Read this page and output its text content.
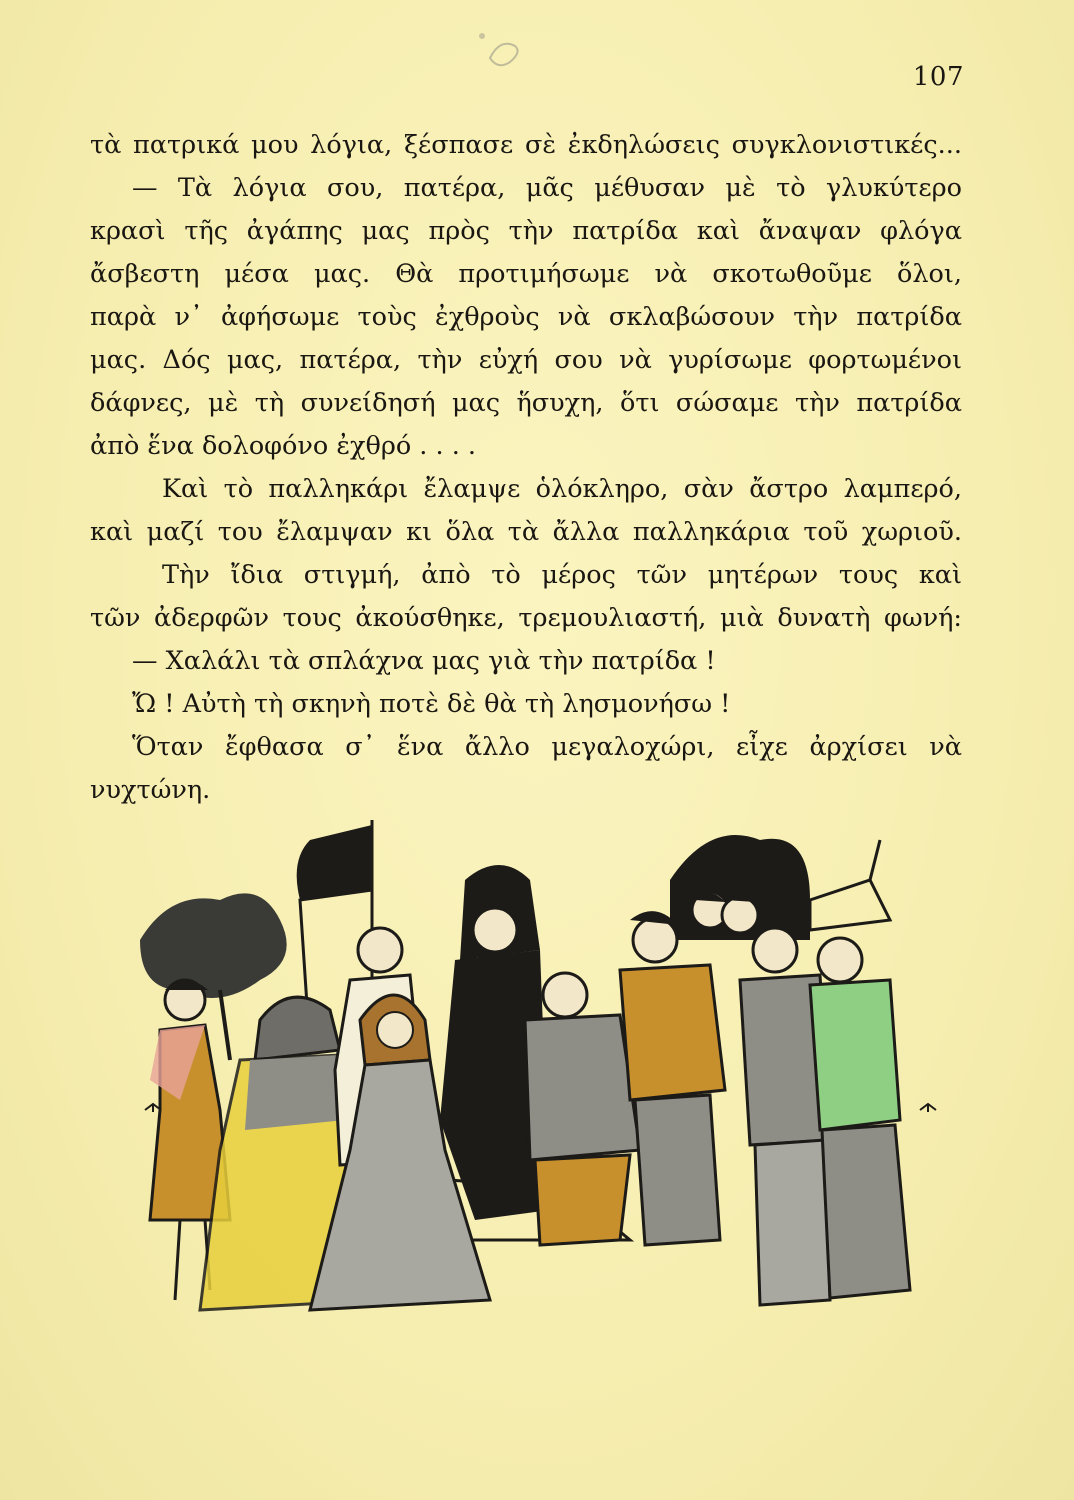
107
τὰ πατρικά μου λόγια, ξέσπασε σὲ ἐκδηλώσεις συγκλονιστικές...
— Τὰ λόγια σου, πατέρα, μᾶς μέθυσαν μὲ τὸ γλυκύτερο
κρασὶ τῆς ἀγάπης μας πρὸς τὴν πατρίδα καὶ ἄναψαν φλόγα
ἄσβεστη μέσα μας. Θὰ προτιμήσωμε νὰ σκοτωθοῦμε ὅλοι,
παρὰ ν᾽ ἀφήσωμε τοὺς ἐχθροὺς νὰ σκλαβώσουν τὴν πατρίδα
μας. Δός μας, πατέρα, τὴν εὐχή σου νὰ γυρίσωμε φορτωμένοι
δάφνες, μὲ τὴ συνείδησή μας ἥσυχη, ὅτι σώσαμε τὴν πατρίδα
ἀπὸ ἕνα δολοφόνο ἐχθρό . . . .
Καὶ τὸ παλληκάρι ἔλαμψε ὁλόκληρο, σὰν ἄστρο λαμπερό,
καὶ μαζί του ἔλαμψαν κι ὅλα τὰ ἄλλα παλληκάρια τοῦ χωριοῦ.
Τὴν ἴδια στιγμή, ἀπὸ τὸ μέρος τῶν μητέρων τους καὶ
τῶν ἀδερφῶν τους ἀκούσθηκε, τρεμουλιαστή, μιὰ δυνατὴ φωνή:
— Χαλάλι τὰ σπλάχνα μας γιὰ τὴν πατρίδα !
Ὤ ! Αὐτὴ τὴ σκηνὴ ποτὲ δὲ θὰ τὴ λησμονήσω !
Ὅταν ἔφθασα σ᾽ ἕνα ἄλλο μεγαλοχώρι, εἶχε ἀρχίσει νὰ
νυχτώνη.
